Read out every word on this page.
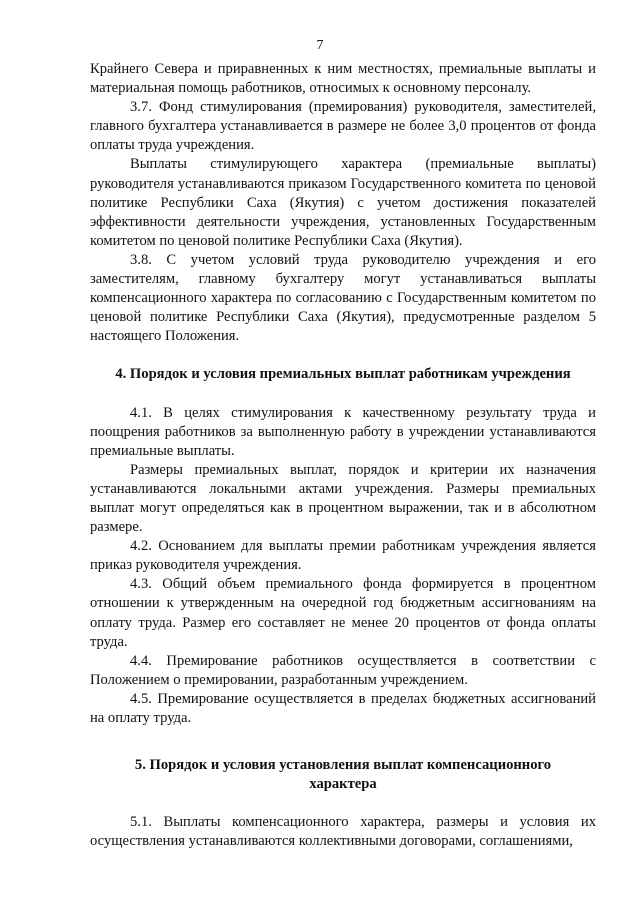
7

Крайнего Севера и приравненных к ним местностях, премиальные выплаты и материальная помощь работников, относимых к основному персоналу.

3.7. Фонд стимулирования (премирования) руководителя, заместителей, главного бухгалтера устанавливается в размере не более 3,0 процентов от фонда оплаты труда учреждения.

Выплаты стимулирующего характера (премиальные выплаты) руководителя устанавливаются приказом Государственного комитета по ценовой политике Республики Саха (Якутия) с учетом достижения показателей эффективности деятельности учреждения, установленных Государственным комитетом по ценовой политике Республики Саха (Якутия).

3.8. С учетом условий труда руководителю учреждения и его заместителям, главному бухгалтеру могут устанавливаться выплаты компенсационного характера по согласованию с Государственным комитетом по ценовой политике Республики Саха (Якутия), предусмотренные разделом 5 настоящего Положения.

4. Порядок и условия премиальных выплат работникам учреждения

4.1. В целях стимулирования к качественному результату труда и поощрения работников за выполненную работу в учреждении устанавливаются премиальные выплаты.

Размеры премиальных выплат, порядок и критерии их назначения устанавливаются локальными актами учреждения. Размеры премиальных выплат могут определяться как в процентном выражении, так и в абсолютном размере.

4.2. Основанием для выплаты премии работникам учреждения является приказ руководителя учреждения.

4.3. Общий объем премиального фонда формируется в процентном отношении к утвержденным на очередной год бюджетным ассигнованиям на оплату труда. Размер его составляет не менее 20 процентов от фонда оплаты труда.

4.4. Премирование работников осуществляется в соответствии с Положением о премировании, разработанным учреждением.

4.5. Премирование осуществляется в пределах бюджетных ассигнований на оплату труда.

5. Порядок и условия установления выплат компенсационного характера

5.1. Выплаты компенсационного характера, размеры и условия их осуществления устанавливаются коллективными договорами, соглашениями,
